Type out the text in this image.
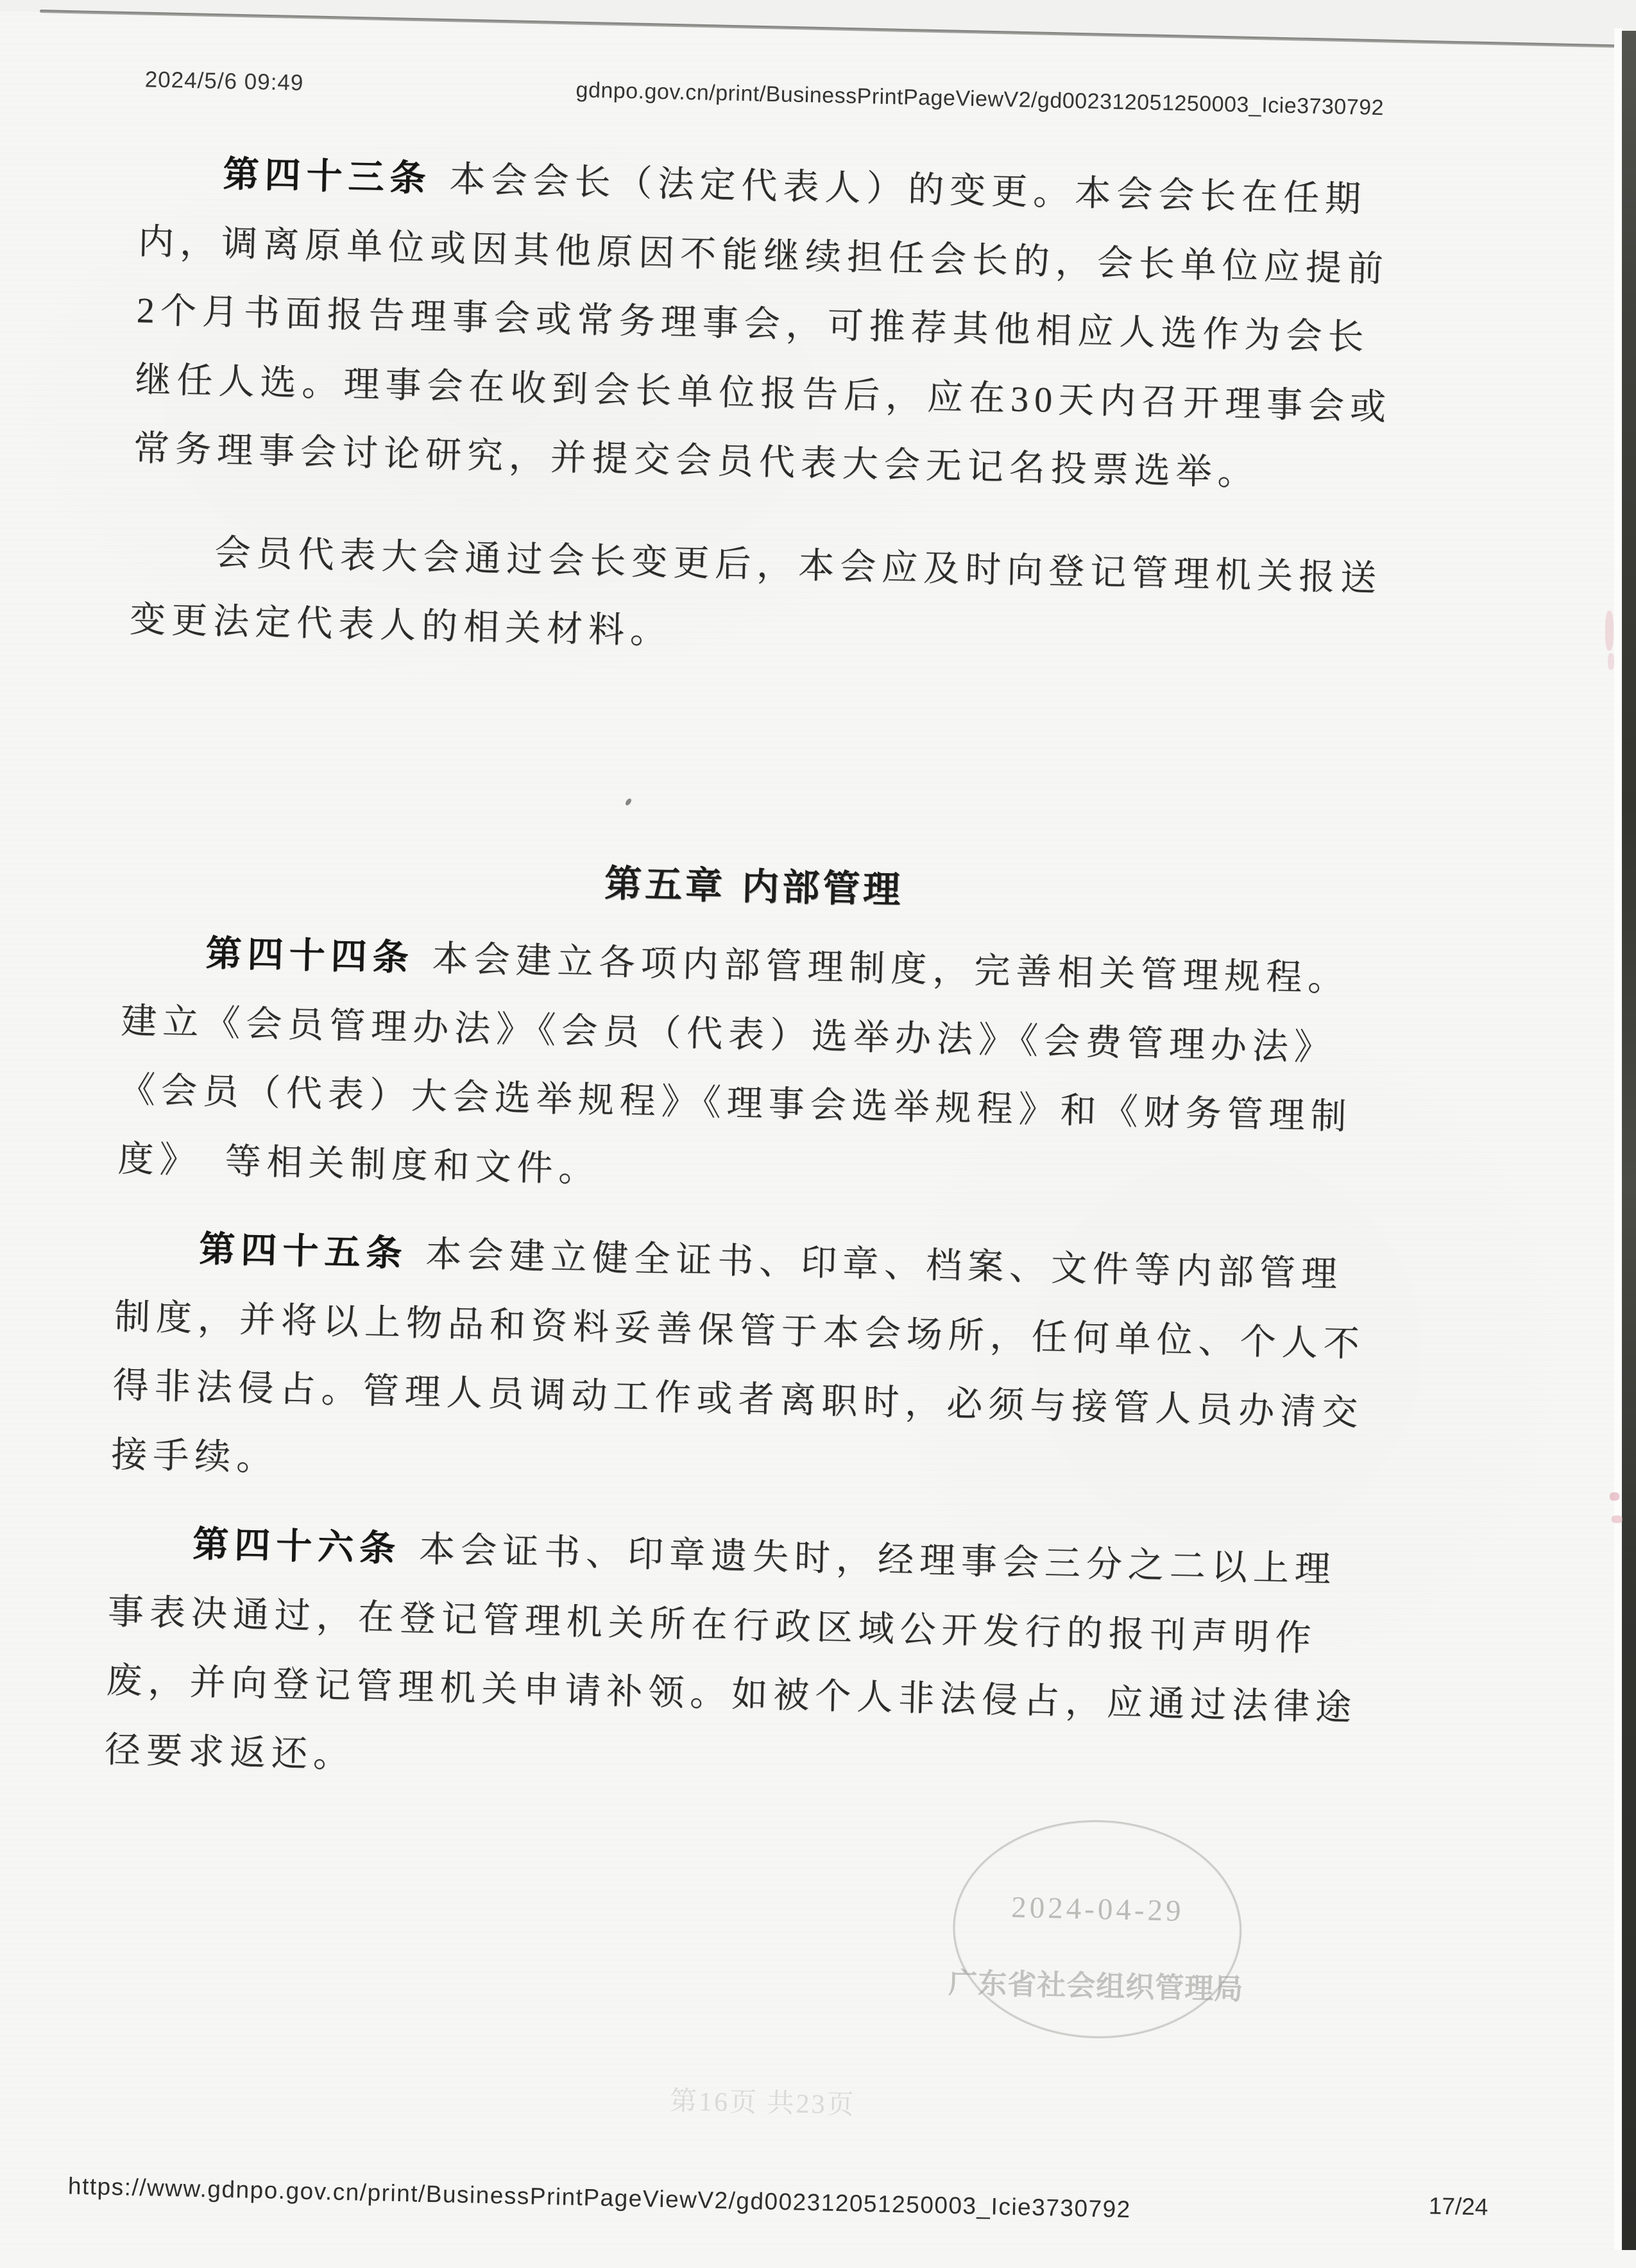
2024/5/6 09:49	gdnpo.gov.cn/print/BusinessPrintPageViewV2/gd002312051250003_Icie3730792
第四十三条 本会会长（法定代表人）的变更。本会会长在任期
内，调离原单位或因其他原因不能继续担任会长的，会长单位应提前
2个月书面报告理事会或常务理事会，可推荐其他相应人选作为会长
继任人选。理事会在收到会长单位报告后，应在30天内召开理事会或
常务理事会讨论研究，并提交会员代表大会无记名投票选举。
会员代表大会通过会长变更后，本会应及时向登记管理机关报送
变更法定代表人的相关材料。
第五章 内部管理
第四十四条 本会建立各项内部管理制度，完善相关管理规程。
建立《会员管理办法》《会员（代表）选举办法》《会费管理办法》
《会员（代表）大会选举规程》《理事会选举规程》和《财务管理制
度》　等相关制度和文件。
第四十五条 本会建立健全证书、印章、档案、文件等内部管理
制度，并将以上物品和资料妥善保管于本会场所，任何单位、个人不
得非法侵占。管理人员调动工作或者离职时，必须与接管人员办清交
接手续。
第四十六条 本会证书、印章遗失时，经理事会三分之二以上理
事表决通过，在登记管理机关所在行政区域公开发行的报刊声明作
废，并向登记管理机关申请补领。如被个人非法侵占，应通过法律途
径要求返还。
2024-04-29
广东省社会组织管理局
第16页 共23页
https://www.gdnpo.gov.cn/print/BusinessPrintPageViewV2/gd002312051250003_Icie3730792	17/24
